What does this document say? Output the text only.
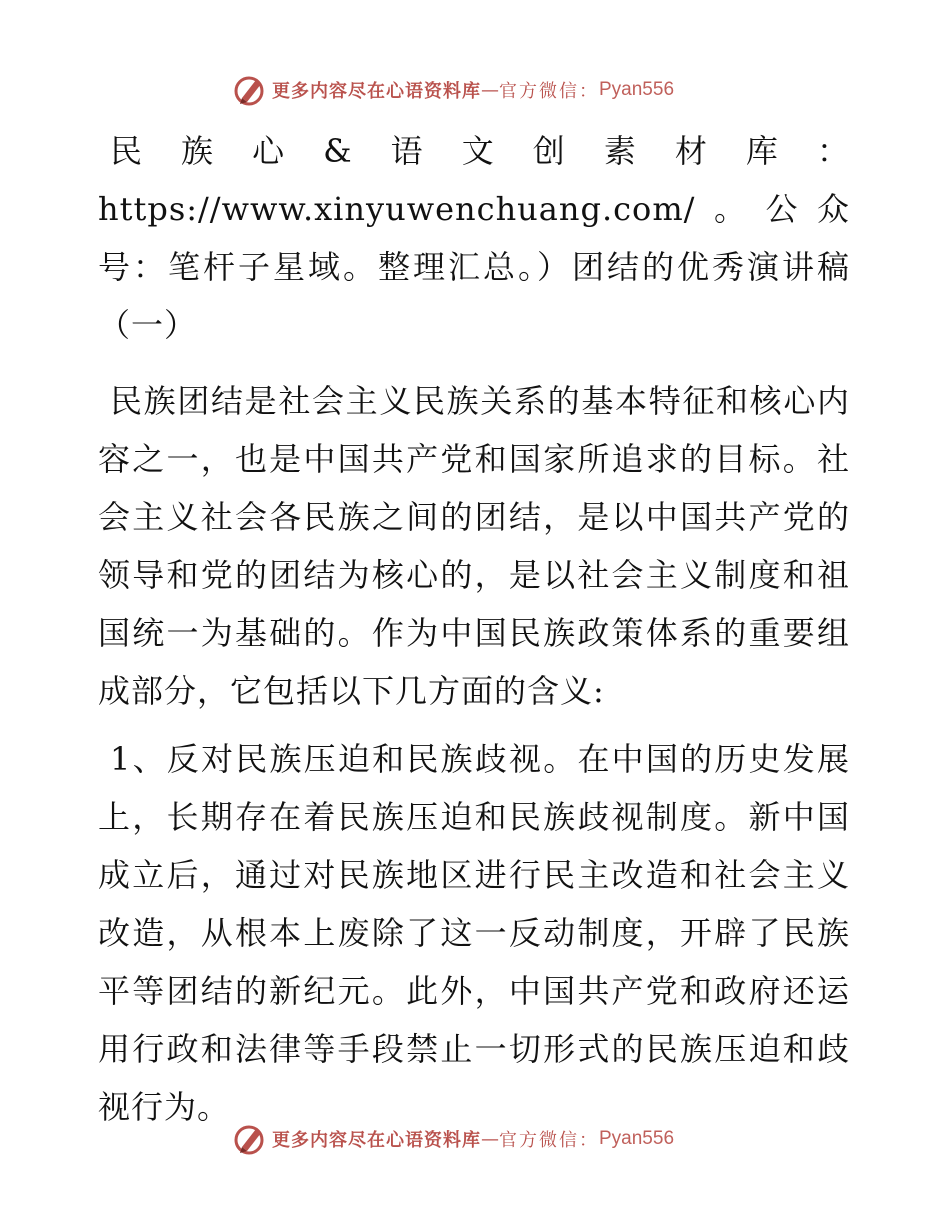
更多内容尽在心语资料库 — 官方微信： Pyan556

民族心&语文创素材库：https://www.xinyuwenchuang.com/。公众号：笔杆子星域。整理汇总。）团结的优秀演讲稿（一）

民族团结是社会主义民族关系的基本特征和核心内容之一，也是中国共产党和国家所追求的目标。社会主义社会各民族之间的团结，是以中国共产党的领导和党的团结为核心的，是以社会主义制度和祖国统一为基础的。作为中国民族政策体系的重要组成部分，它包括以下几方面的含义:

1、反对民族压迫和民族歧视。在中国的历史发展上，长期存在着民族压迫和民族歧视制度。新中国成立后，通过对民族地区进行民主改造和社会主义改造，从根本上废除了这一反动制度，开辟了民族平等团结的新纪元。此外，中国共产党和政府还运用行政和法律等手段禁止一切形式的民族压迫和歧视行为。

更多内容尽在心语资料库 — 官方微信： Pyan556
